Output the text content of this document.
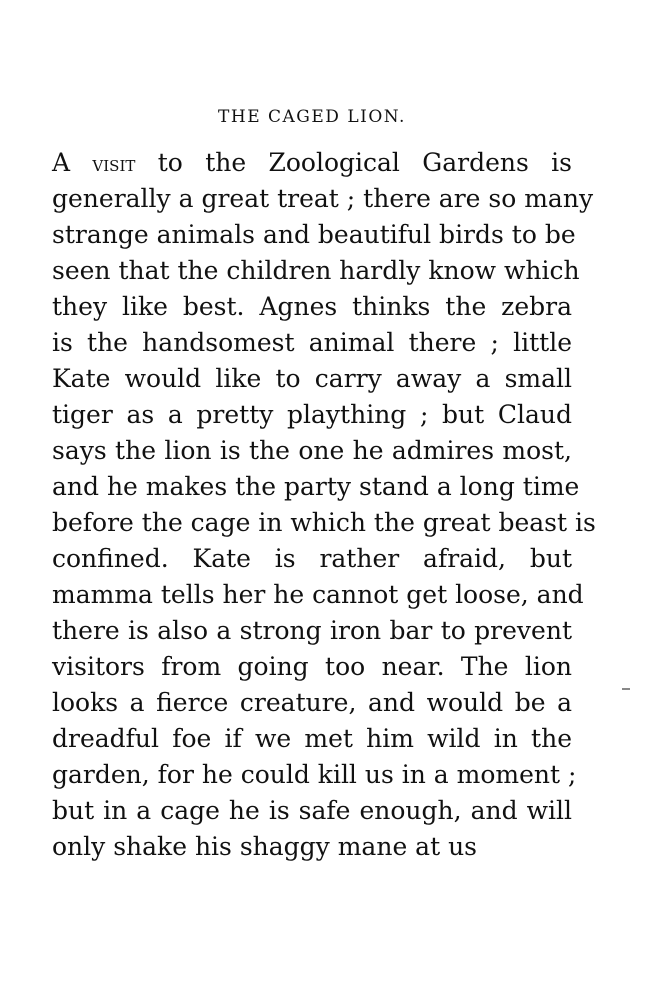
THE CAGED LION.
A visit to the Zoological Gardens is
generally a great treat ; there are so many
strange animals and beautiful birds to be
seen that the children hardly know which
they like best. Agnes thinks the zebra
is the handsomest animal there ; little
Kate would like to carry away a small
tiger as a pretty plaything ; but Claud
says the lion is the one he admires most,
and he makes the party stand a long time
before the cage in which the great beast is
confined. Kate is rather afraid, but
mamma tells her he cannot get loose, and
there is also a strong iron bar to prevent
visitors from going too near. The lion
looks a fierce creature, and would be a
dreadful foe if we met him wild in the
garden, for he could kill us in a moment ;
but in a cage he is safe enough, and will
only shake his shaggy mane at us
